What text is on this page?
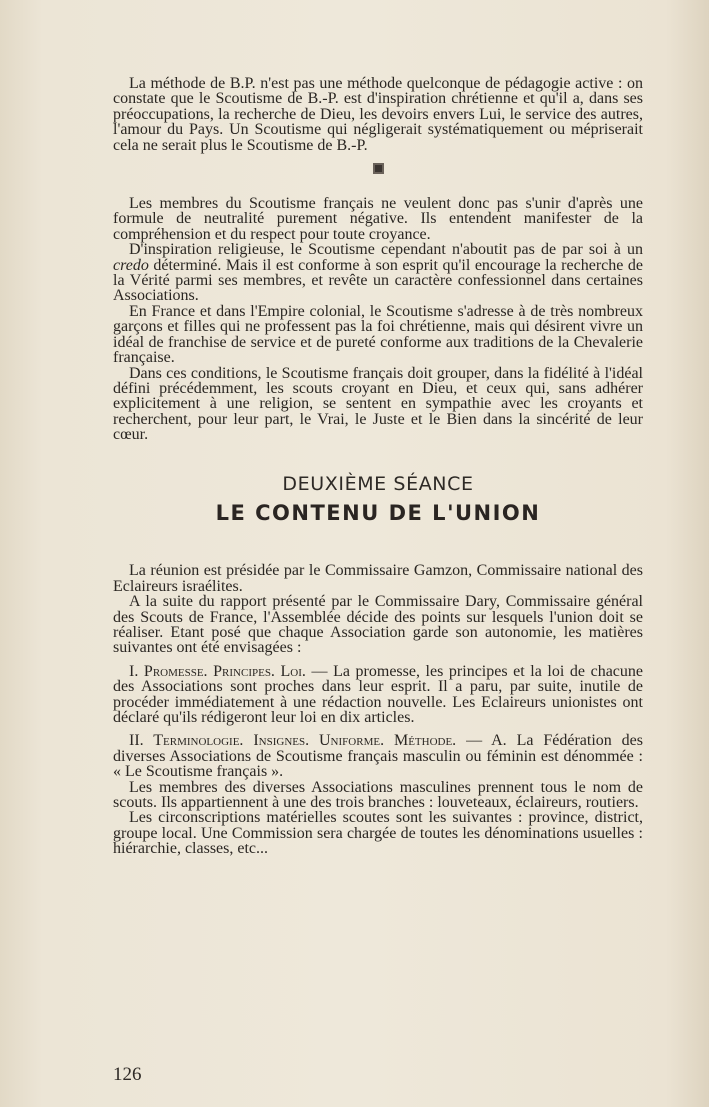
La méthode de B.P. n'est pas une méthode quelconque de pédagogie active : on constate que le Scoutisme de B.-P. est d'inspiration chrétienne et qu'il a, dans ses préoccupations, la recherche de Dieu, les devoirs envers Lui, le service des autres, l'amour du Pays. Un Scoutisme qui négligerait systématiquement ou mépriserait cela ne serait plus le Scoutisme de B.-P.

Les membres du Scoutisme français ne veulent donc pas s'unir d'après une formule de neutralité purement négative. Ils entendent manifester de la compréhension et du respect pour toute croyance.

D'inspiration religieuse, le Scoutisme cependant n'aboutit pas de par soi à un credo déterminé. Mais il est conforme à son esprit qu'il encourage la recherche de la Vérité parmi ses membres, et revête un caractère confessionnel dans certaines Associations.

En France et dans l'Empire colonial, le Scoutisme s'adresse à de très nombreux garçons et filles qui ne professent pas la foi chrétienne, mais qui désirent vivre un idéal de franchise de service et de pureté conforme aux traditions de la Chevalerie française.

Dans ces conditions, le Scoutisme français doit grouper, dans la fidélité à l'idéal défini précédemment, les scouts croyant en Dieu, et ceux qui, sans adhérer explicitement à une religion, se sentent en sympathie avec les croyants et recherchent, pour leur part, le Vrai, le Juste et le Bien dans la sincérité de leur cœur.

DEUXIÈME SÉANCE
LE CONTENU DE L'UNION

La réunion est présidée par le Commissaire Gamzon, Commissaire national des Eclaireurs israélites.

A la suite du rapport présenté par le Commissaire Dary, Commissaire général des Scouts de France, l'Assemblée décide des points sur lesquels l'union doit se réaliser. Etant posé que chaque Association garde son autonomie, les matières suivantes ont été envisagées :

I. Promesse. Principes. Loi. — La promesse, les principes et la loi de chacune des Associations sont proches dans leur esprit. Il a paru, par suite, inutile de procéder immédiatement à une rédaction nouvelle. Les Eclaireurs unionistes ont déclaré qu'ils rédigeront leur loi en dix articles.

II. Terminologie. Insignes. Uniforme. Méthode. — A. La Fédération des diverses Associations de Scoutisme français masculin ou féminin est dénommée : « Le Scoutisme français ».

Les membres des diverses Associations masculines prennent tous le nom de scouts. Ils appartiennent à une des trois branches : louveteaux, éclaireurs, routiers.

Les circonscriptions matérielles scoutes sont les suivantes : province, district, groupe local. Une Commission sera chargée de toutes les dénominations usuelles : hiérarchie, classes, etc...

126
